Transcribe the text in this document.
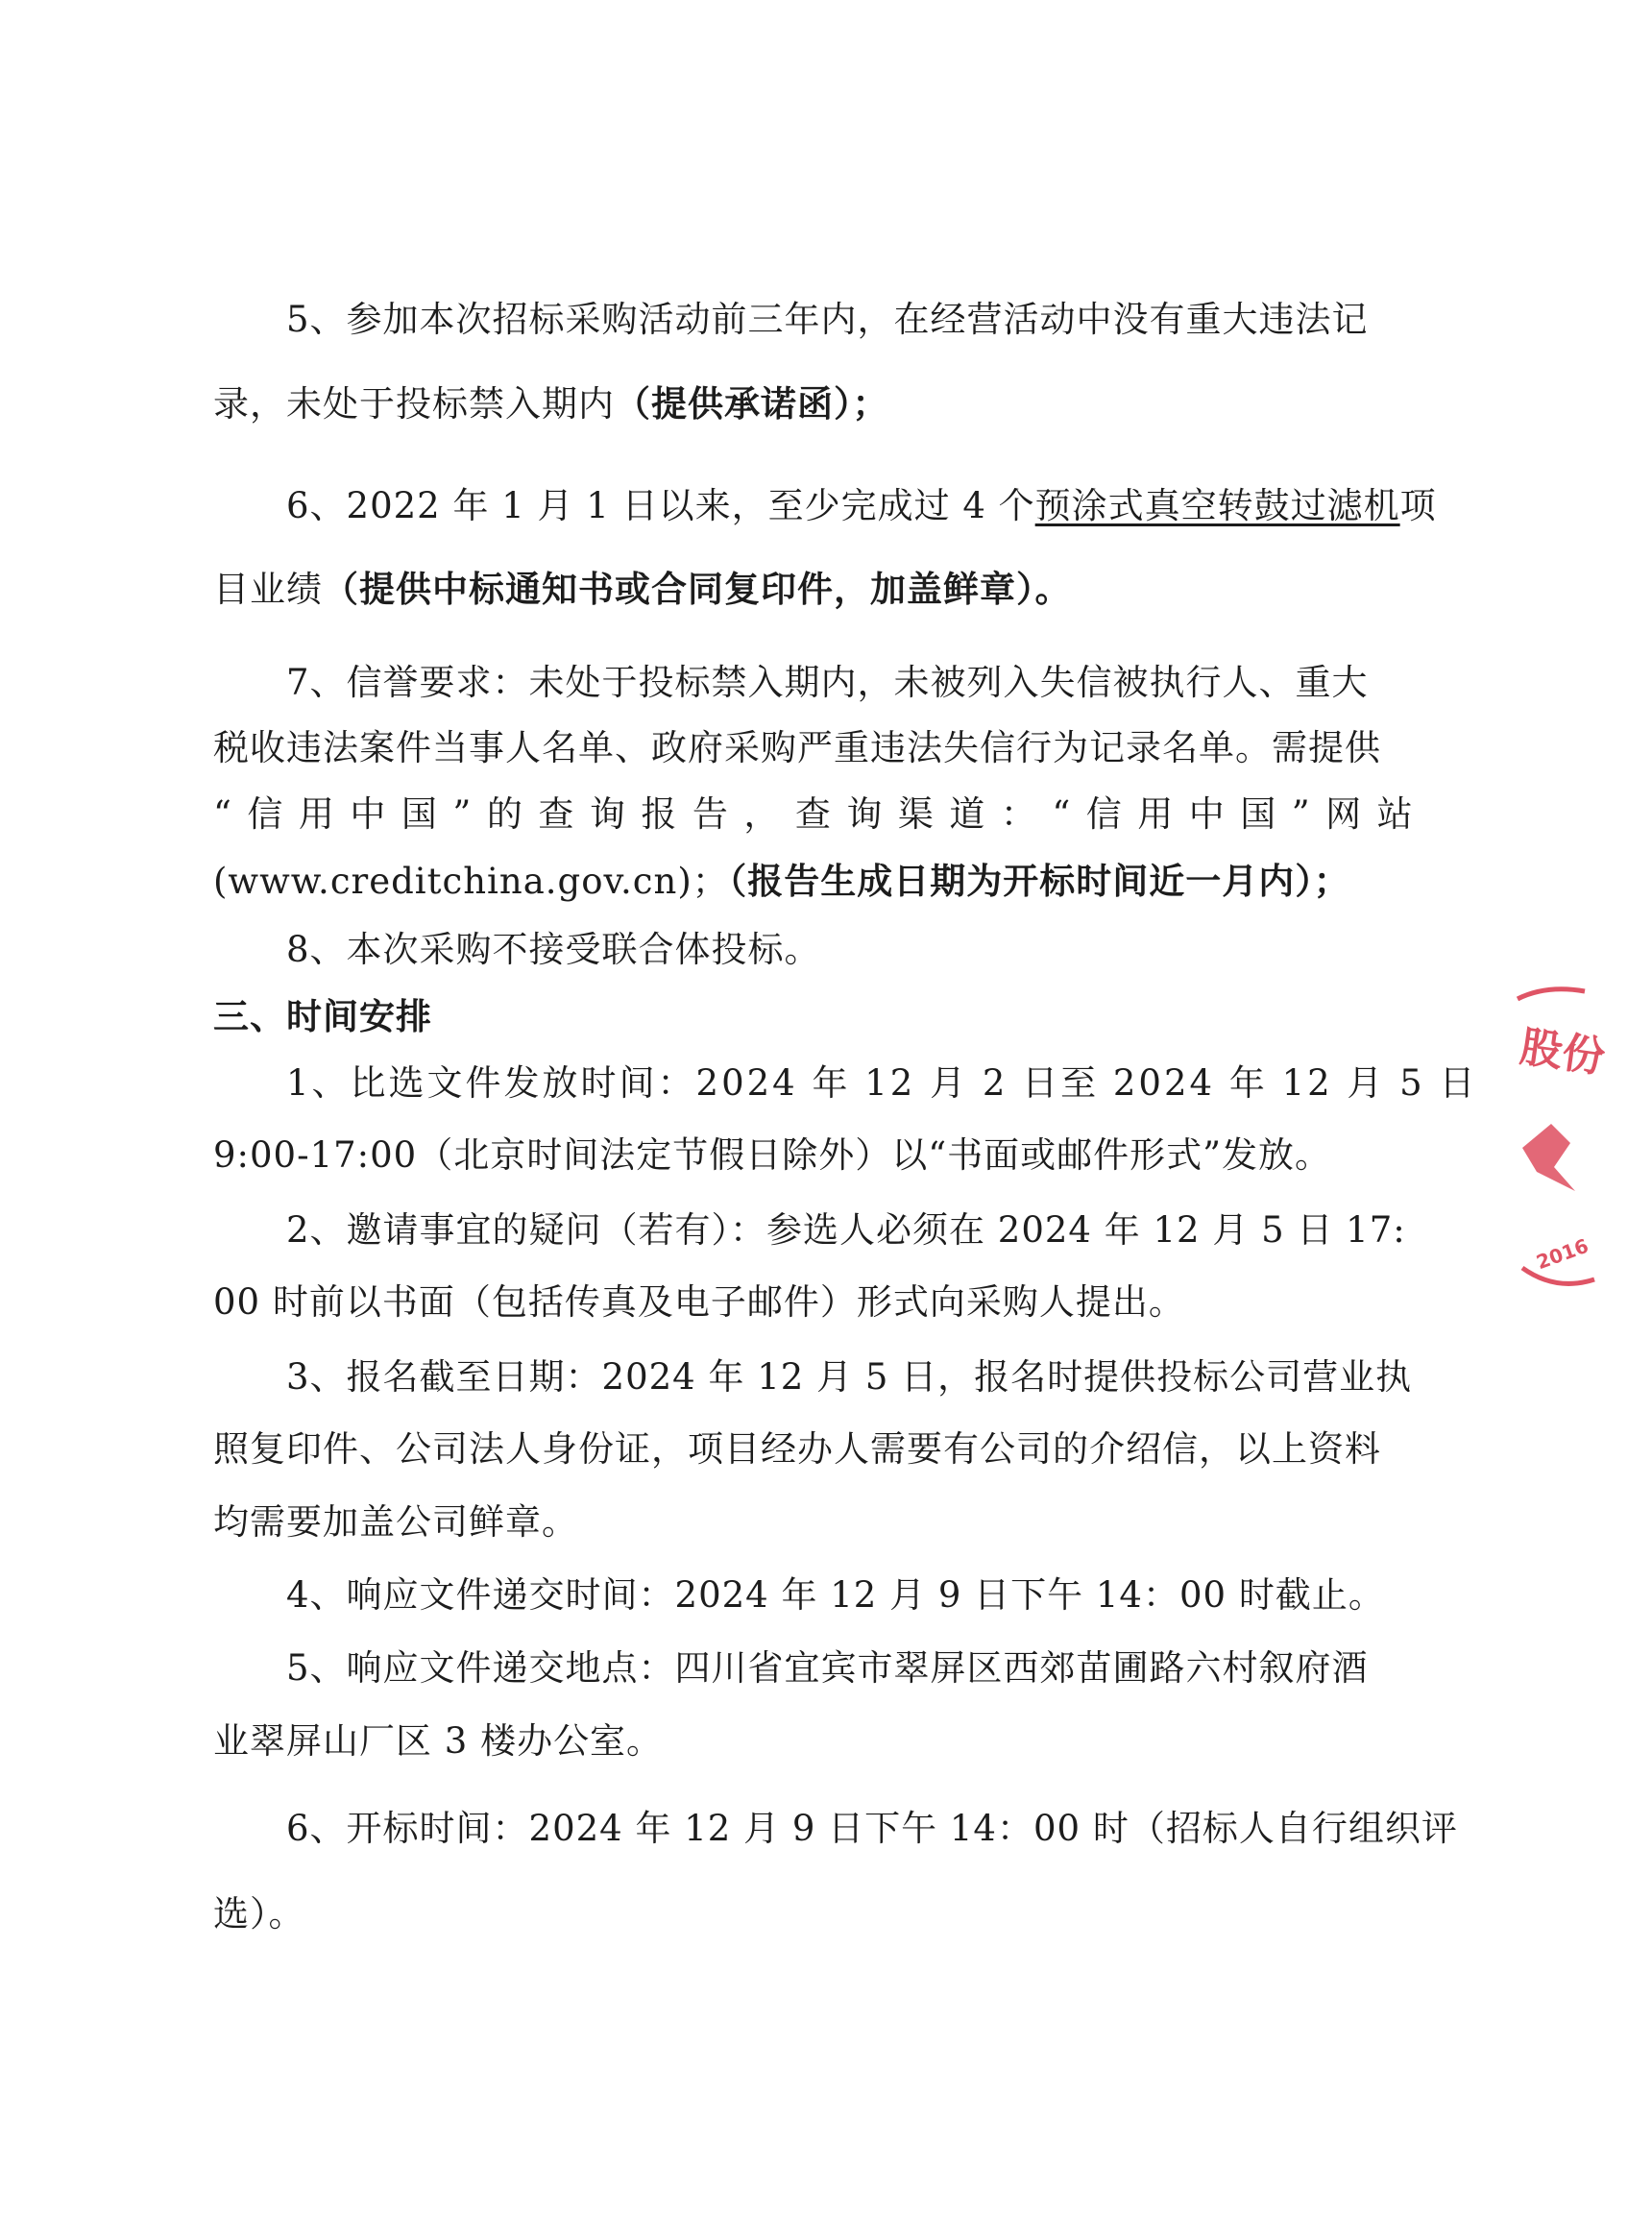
5、参加本次招标采购活动前三年内，在经营活动中没有重大违法记
录，未处于投标禁入期内（提供承诺函）；
6、2022 年 1 月 1 日以来，至少完成过 4 个预涂式真空转鼓过滤机项
目业绩（提供中标通知书或合同复印件，加盖鲜章）。
7、信誉要求：未处于投标禁入期内，未被列入失信被执行人、重大
税收违法案件当事人名单、政府采购严重违法失信行为记录名单。需提供
“信用中国”的查询报告，查询渠道：“信用中国”网站
(www.creditchina.gov.cn)；（报告生成日期为开标时间近一月内）；
8、本次采购不接受联合体投标。
三、时间安排
1、比选文件发放时间：2024 年 12 月 2 日至 2024 年 12 月 5 日
9:00-17:00（北京时间法定节假日除外）以“书面或邮件形式”发放。
2、邀请事宜的疑问（若有）：参选人必须在 2024 年 12 月 5 日 17:
00 时前以书面（包括传真及电子邮件）形式向采购人提出。
3、报名截至日期：2024 年 12 月 5 日，报名时提供投标公司营业执
照复印件、公司法人身份证，项目经办人需要有公司的介绍信，以上资料
均需要加盖公司鲜章。
4、响应文件递交时间：2024 年 12 月 9 日下午 14：00 时截止。
5、响应文件递交地点：四川省宜宾市翠屏区西郊苗圃路六村叙府酒
业翠屏山厂区 3 楼办公室。
6、开标时间：2024 年 12 月 9 日下午 14：00 时（招标人自行组织评
选）。
股份
2016
